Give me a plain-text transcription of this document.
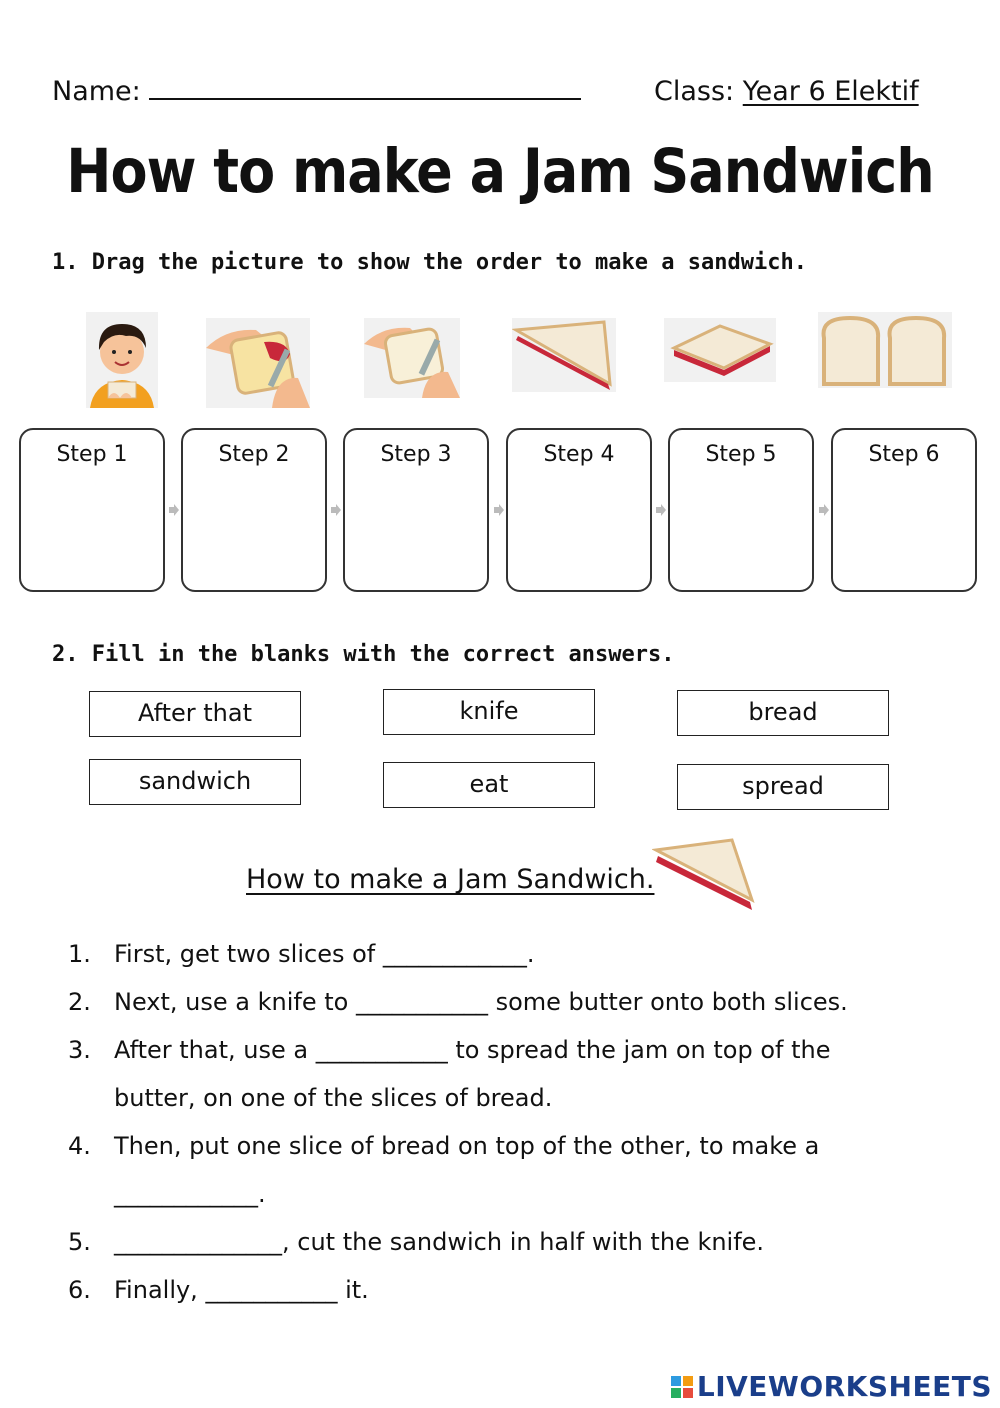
Name:	Class: Year 6 Elektif
How to make a Jam Sandwich
1. Drag the picture to show the order to make a sandwich.
Step 1	Step 2	Step 3	Step 4	Step 5	Step 6
2. Fill in the blanks with the correct answers.
After that	knife	bread
sandwich	eat	spread
How to make a Jam Sandwich.
1. First, get two slices of ____________.
2. Next, use a knife to ___________ some butter onto both slices.
3. After that, use a ___________ to spread the jam on top of the
butter, on one of the slices of bread.
4. Then, put one slice of bread on top of the other, to make a
____________.
5. ______________, cut the sandwich in half with the knife.
6. Finally, ___________ it.
LIVEWORKSHEETS
